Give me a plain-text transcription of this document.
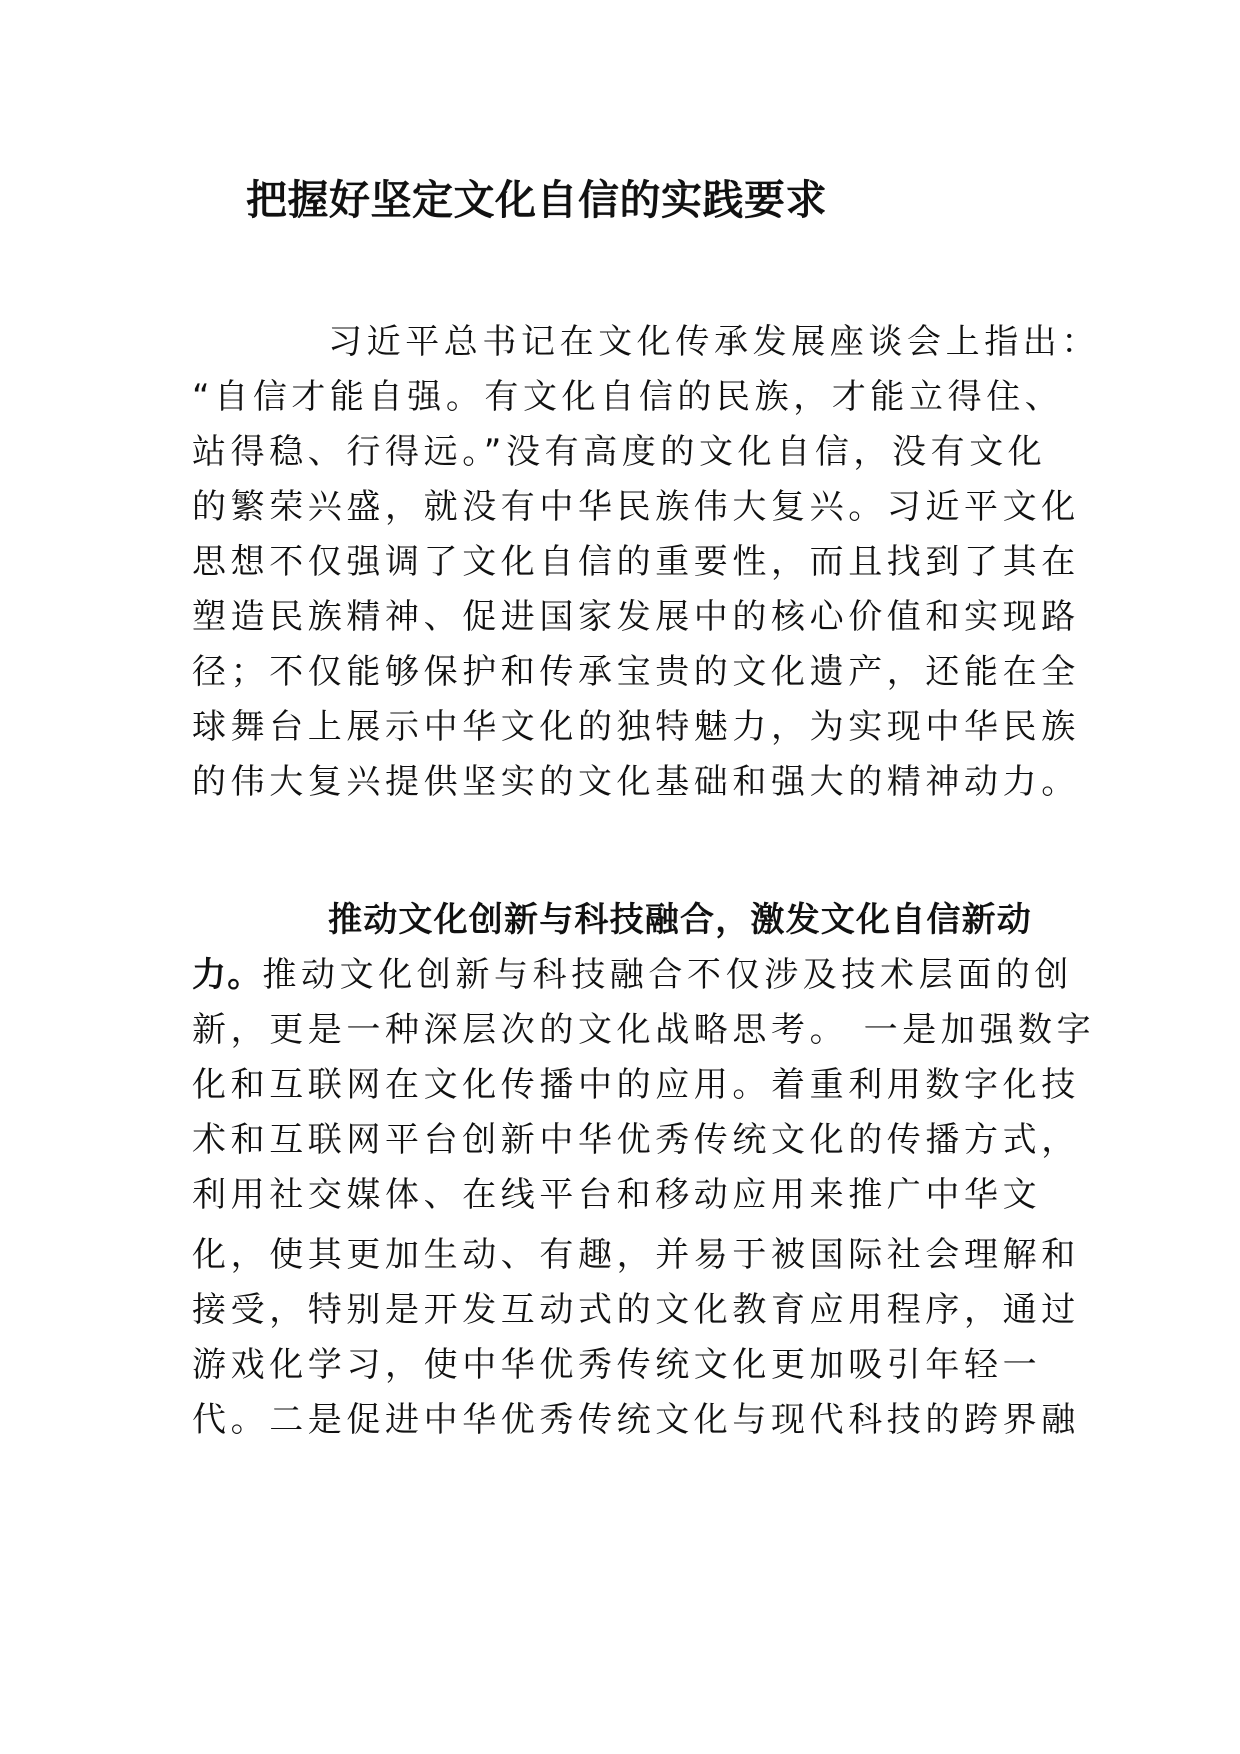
把握好坚定文化自信的实践要求
习近平总书记在文化传承发展座谈会上指出：
“自信才能自强。有文化自信的民族，才能立得住、
站得稳、行得远。”没有高度的文化自信，没有文化
的繁荣兴盛，就没有中华民族伟大复兴。习近平文化
思想不仅强调了文化自信的重要性，而且找到了其在
塑造民族精神、促进国家发展中的核心价值和实现路
径；不仅能够保护和传承宝贵的文化遗产，还能在全
球舞台上展示中华文化的独特魅力，为实现中华民族
的伟大复兴提供坚实的文化基础和强大的精神动力。
推动文化创新与科技融合，激发文化自信新动
力。推动文化创新与科技融合不仅涉及技术层面的创
新，更是一种深层次的文化战略思考。 一是加强数字
化和互联网在文化传播中的应用。着重利用数字化技
术和互联网平台创新中华优秀传统文化的传播方式，
利用社交媒体、在线平台和移动应用来推广中华文
化，使其更加生动、有趣，并易于被国际社会理解和
接受，特别是开发互动式的文化教育应用程序，通过
游戏化学习，使中华优秀传统文化更加吸引年轻一
代。二是促进中华优秀传统文化与现代科技的跨界融
